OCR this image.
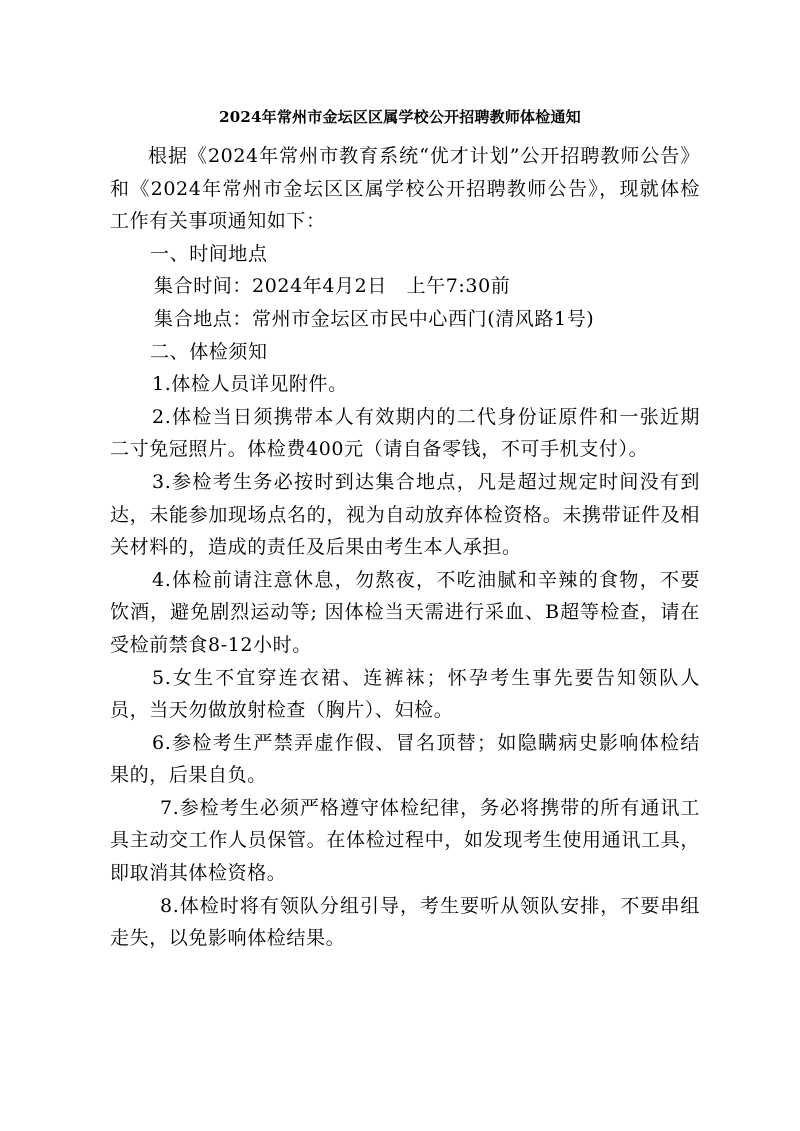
2024年常州市金坛区区属学校公开招聘教师体检通知

根据《2024年常州市教育系统“优才计划”公开招聘教师公告》和《2024年常州市金坛区区属学校公开招聘教师公告》，现就体检工作有关事项通知如下：

一、时间地点

集合时间：2024年4月2日　上午7:30前

集合地点：常州市金坛区市民中心西门(清风路1号)

二、体检须知

1.体检人员详见附件。

2.体检当日须携带本人有效期内的二代身份证原件和一张近期二寸免冠照片。体检费400元（请自备零钱，不可手机支付）。

3.参检考生务必按时到达集合地点，凡是超过规定时间没有到达，未能参加现场点名的，视为自动放弃体检资格。未携带证件及相关材料的，造成的责任及后果由考生本人承担。

4.体检前请注意休息，勿熬夜，不吃油腻和辛辣的食物，不要饮酒，避免剧烈运动等; 因体检当天需进行采血、B超等检查，请在受检前禁食8-12小时。

5.女生不宜穿连衣裙、连裤袜；怀孕考生事先要告知领队人员，当天勿做放射检查（胸片）、妇检。

6.参检考生严禁弄虚作假、冒名顶替；如隐瞒病史影响体检结果的，后果自负。

7.参检考生必须严格遵守体检纪律，务必将携带的所有通讯工具主动交工作人员保管。在体检过程中，如发现考生使用通讯工具，即取消其体检资格。

8.体检时将有领队分组引导，考生要听从领队安排，不要串组走失，以免影响体检结果。
